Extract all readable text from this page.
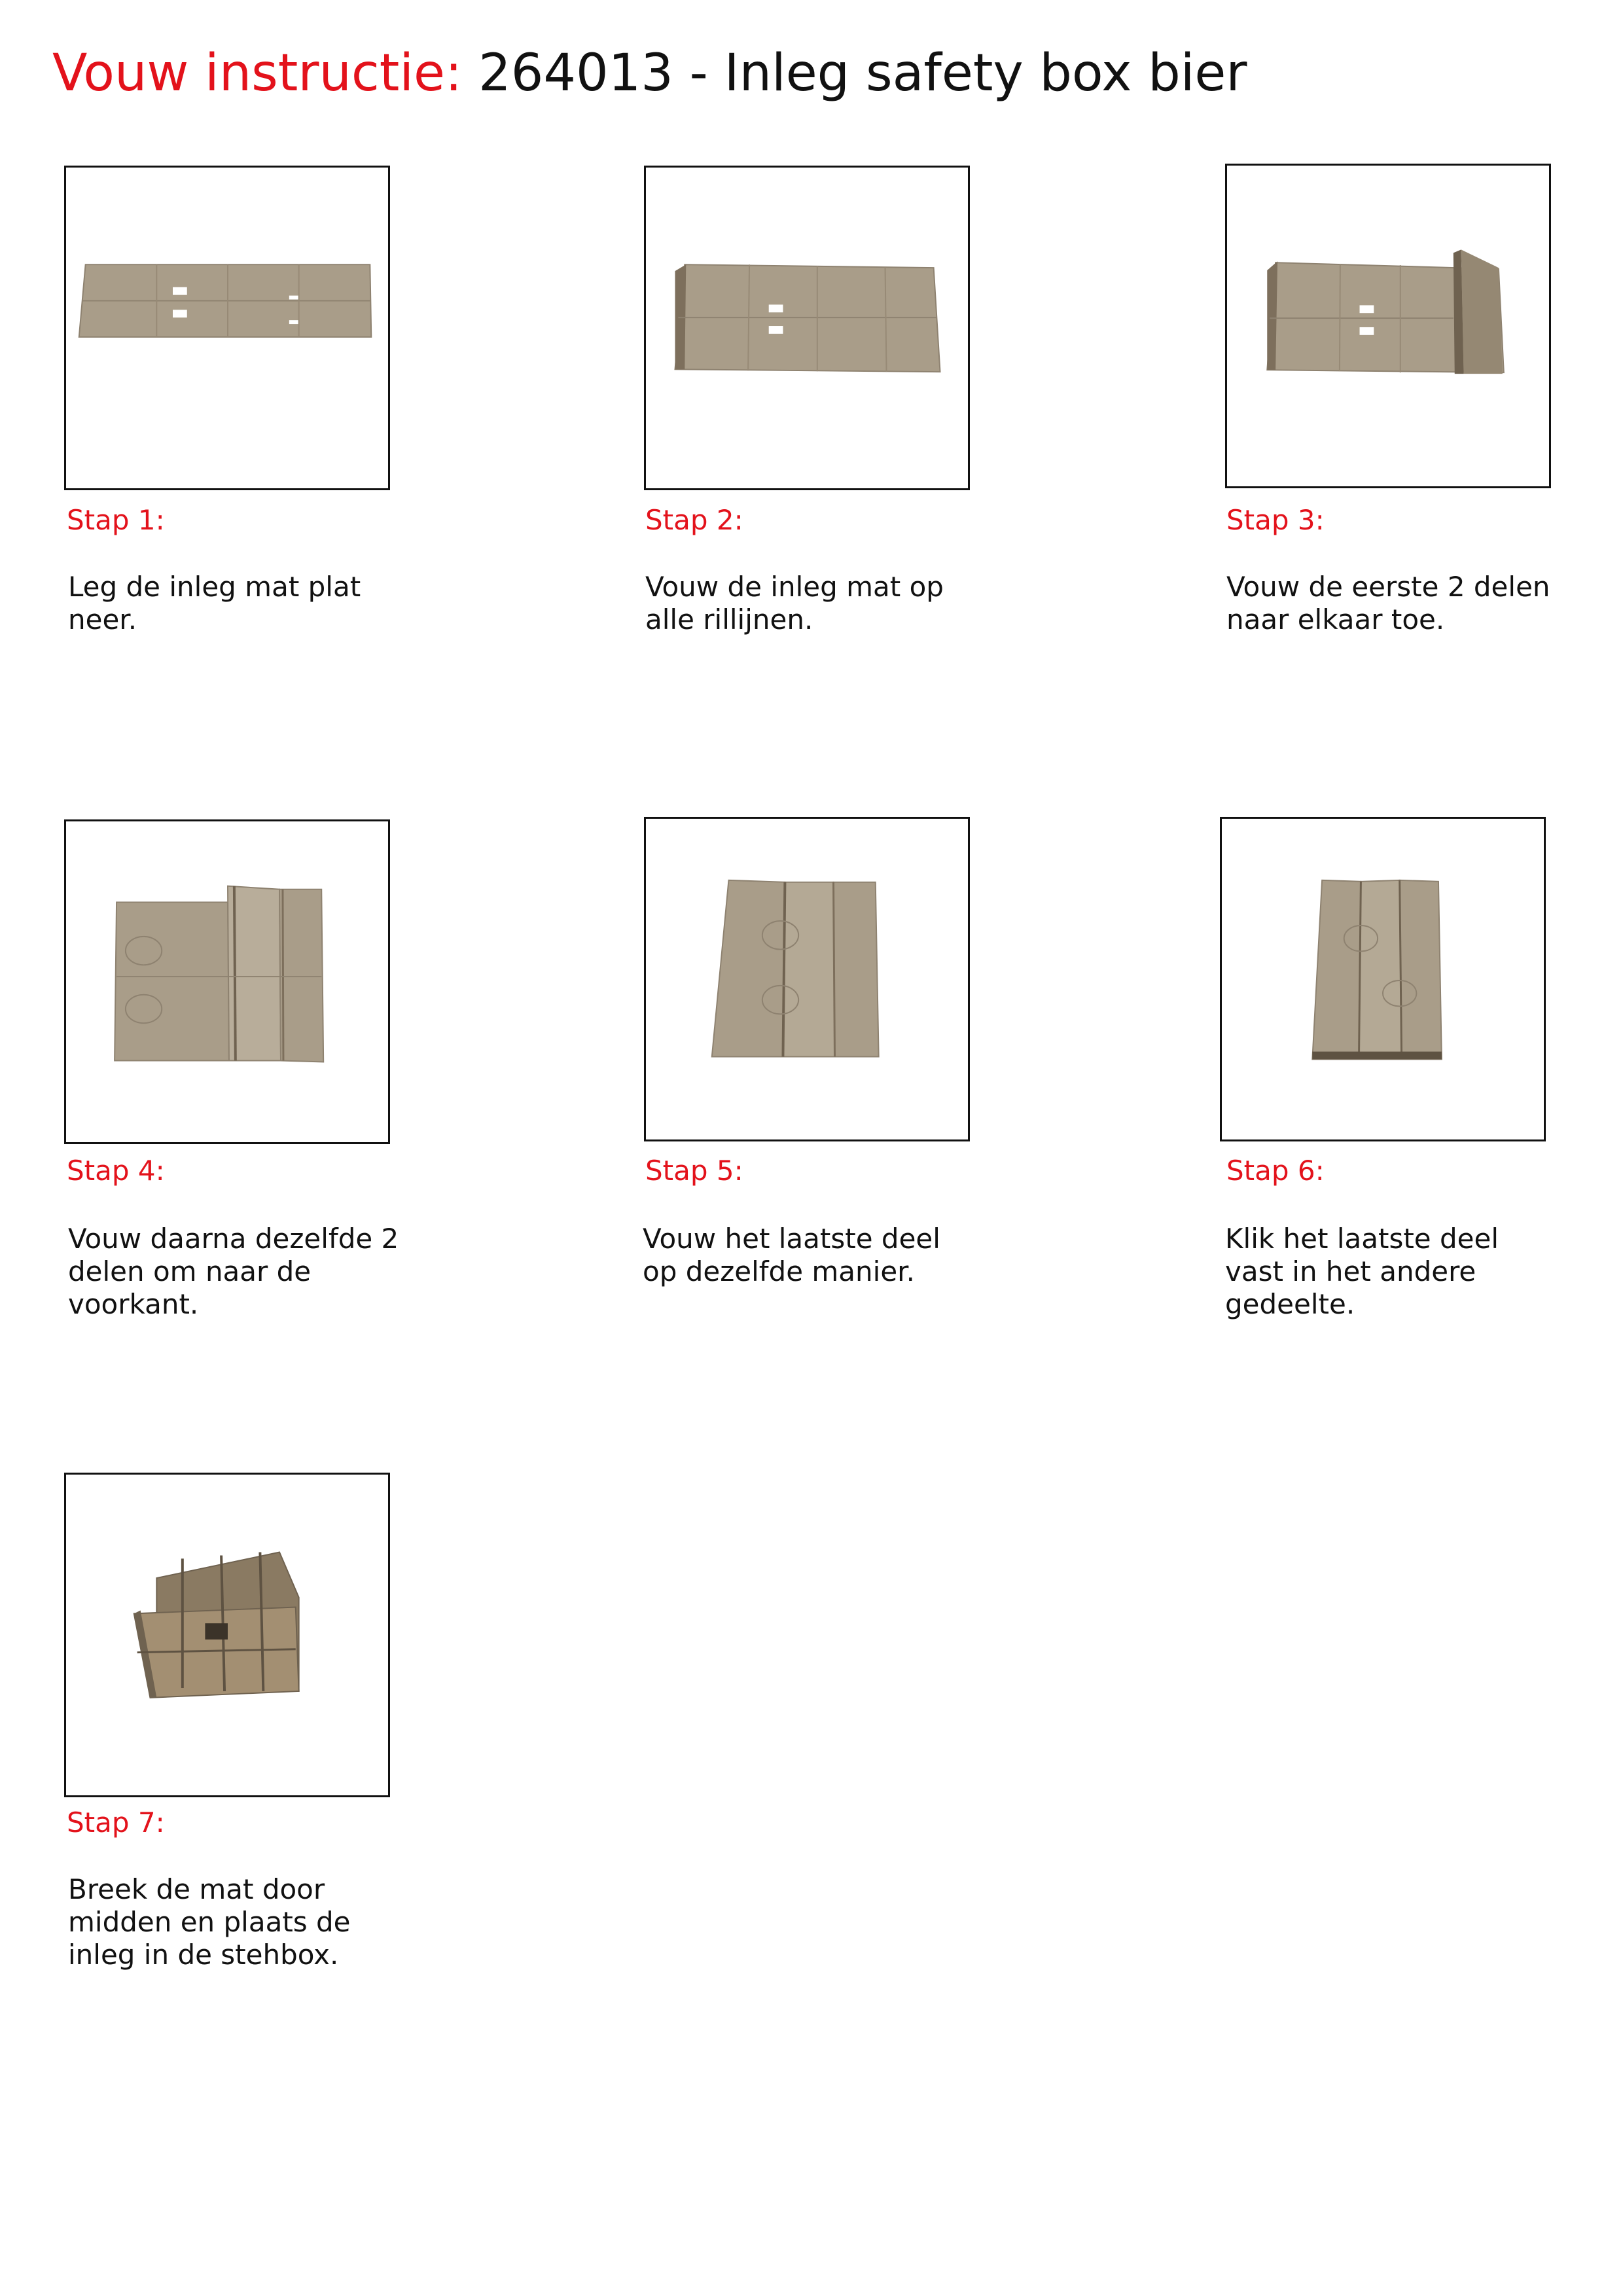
Vouw instructie: 264013 - Inleg safety box bier
Stap 1:
Leg de inleg mat plat
neer.
Stap 2:
Vouw de inleg mat op
alle rillijnen.
Stap 3:
Vouw de eerste 2 delen
naar elkaar toe.
Stap 4:
Vouw daarna dezelfde 2
delen om naar de
voorkant.
Stap 5:
Vouw het laatste deel
op dezelfde manier.
Stap 6:
Klik het laatste deel
vast in het andere
gedeelte.
Stap 7:
Breek de mat door
midden en plaats de
inleg in de stehbox.
